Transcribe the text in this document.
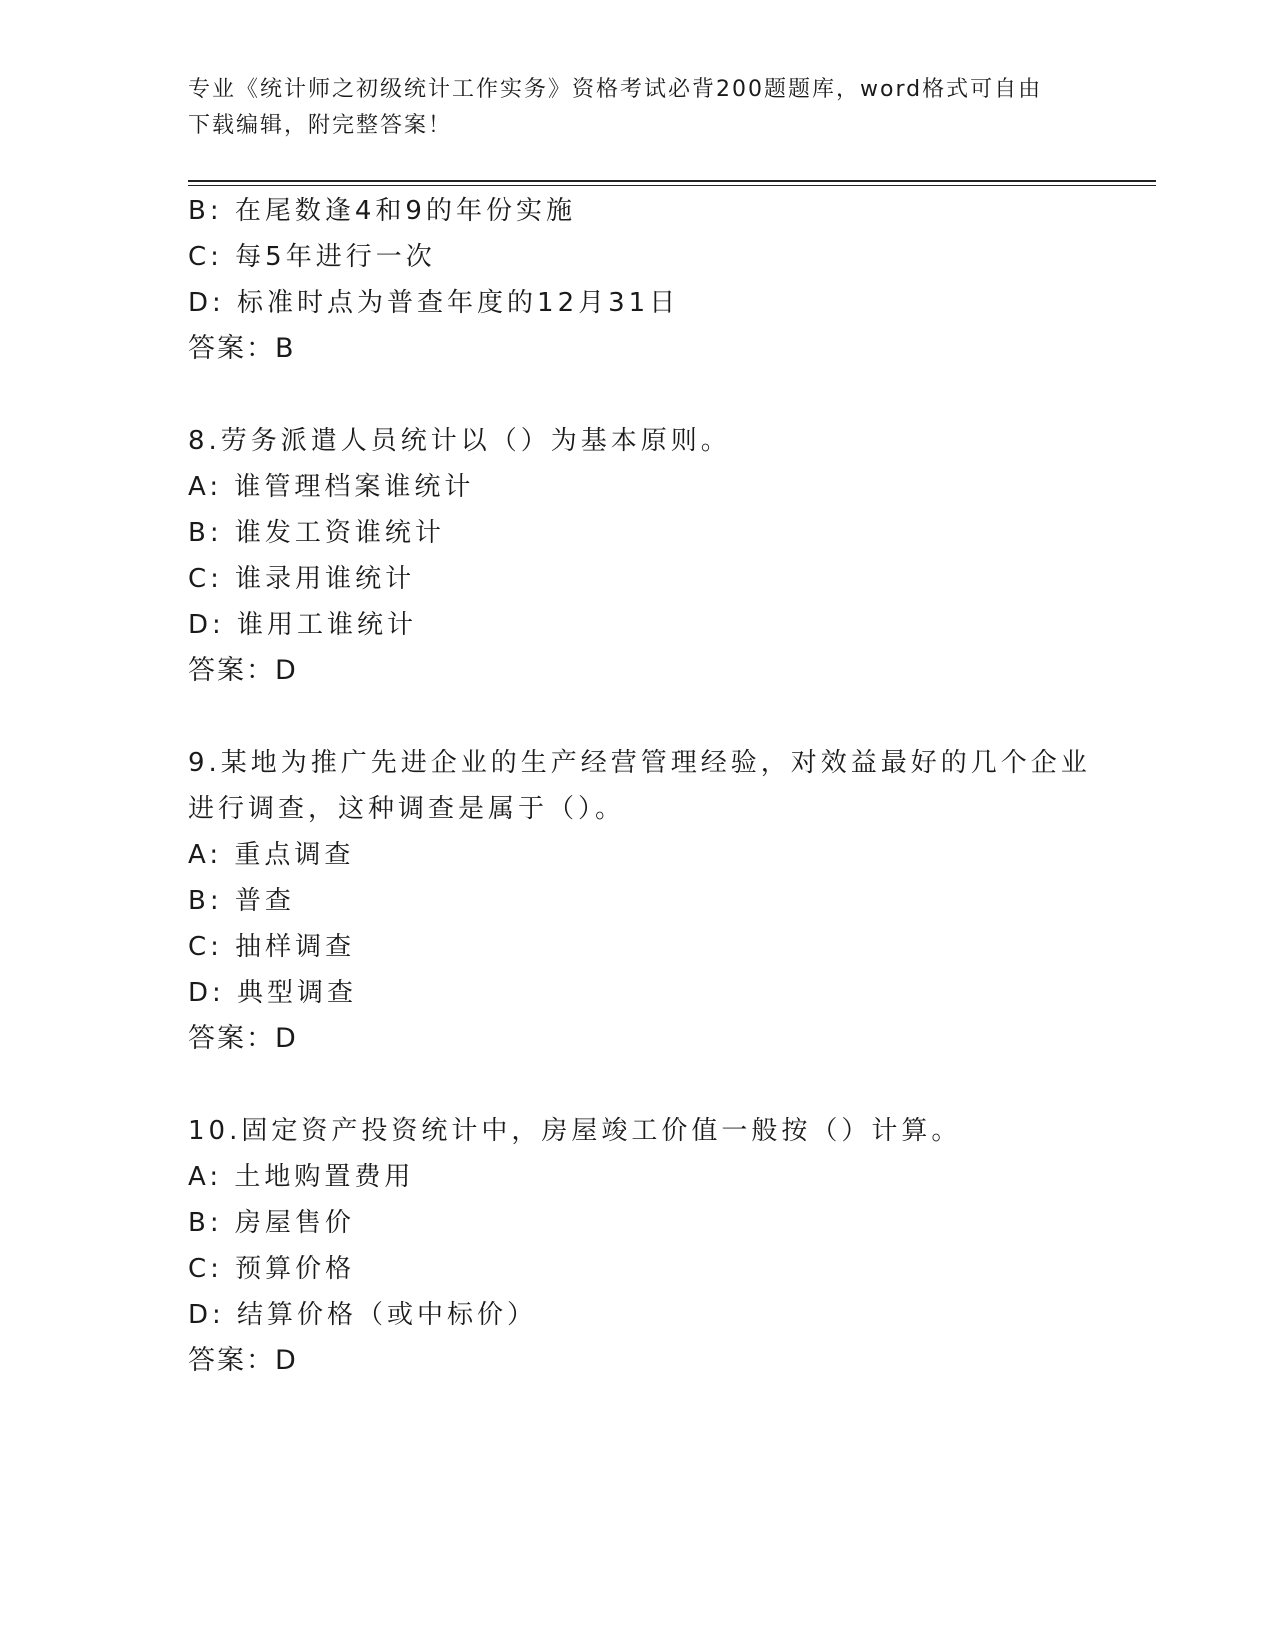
专业《统计师之初级统计工作实务》资格考试必背200题题库，word格式可自由
下载编辑，附完整答案！
B: 在尾数逢4和9的年份实施
C: 每5年进行一次
D: 标准时点为普查年度的12月31日
答案：B
8.劳务派遣人员统计以（）为基本原则。
A: 谁管理档案谁统计
B: 谁发工资谁统计
C: 谁录用谁统计
D: 谁用工谁统计
答案：D
9.某地为推广先进企业的生产经营管理经验，对效益最好的几个企业
进行调查，这种调查是属于（）。
A: 重点调查
B: 普查
C: 抽样调查
D: 典型调查
答案：D
10.固定资产投资统计中，房屋竣工价值一般按（）计算。
A: 土地购置费用
B: 房屋售价
C: 预算价格
D: 结算价格（或中标价）
答案：D
